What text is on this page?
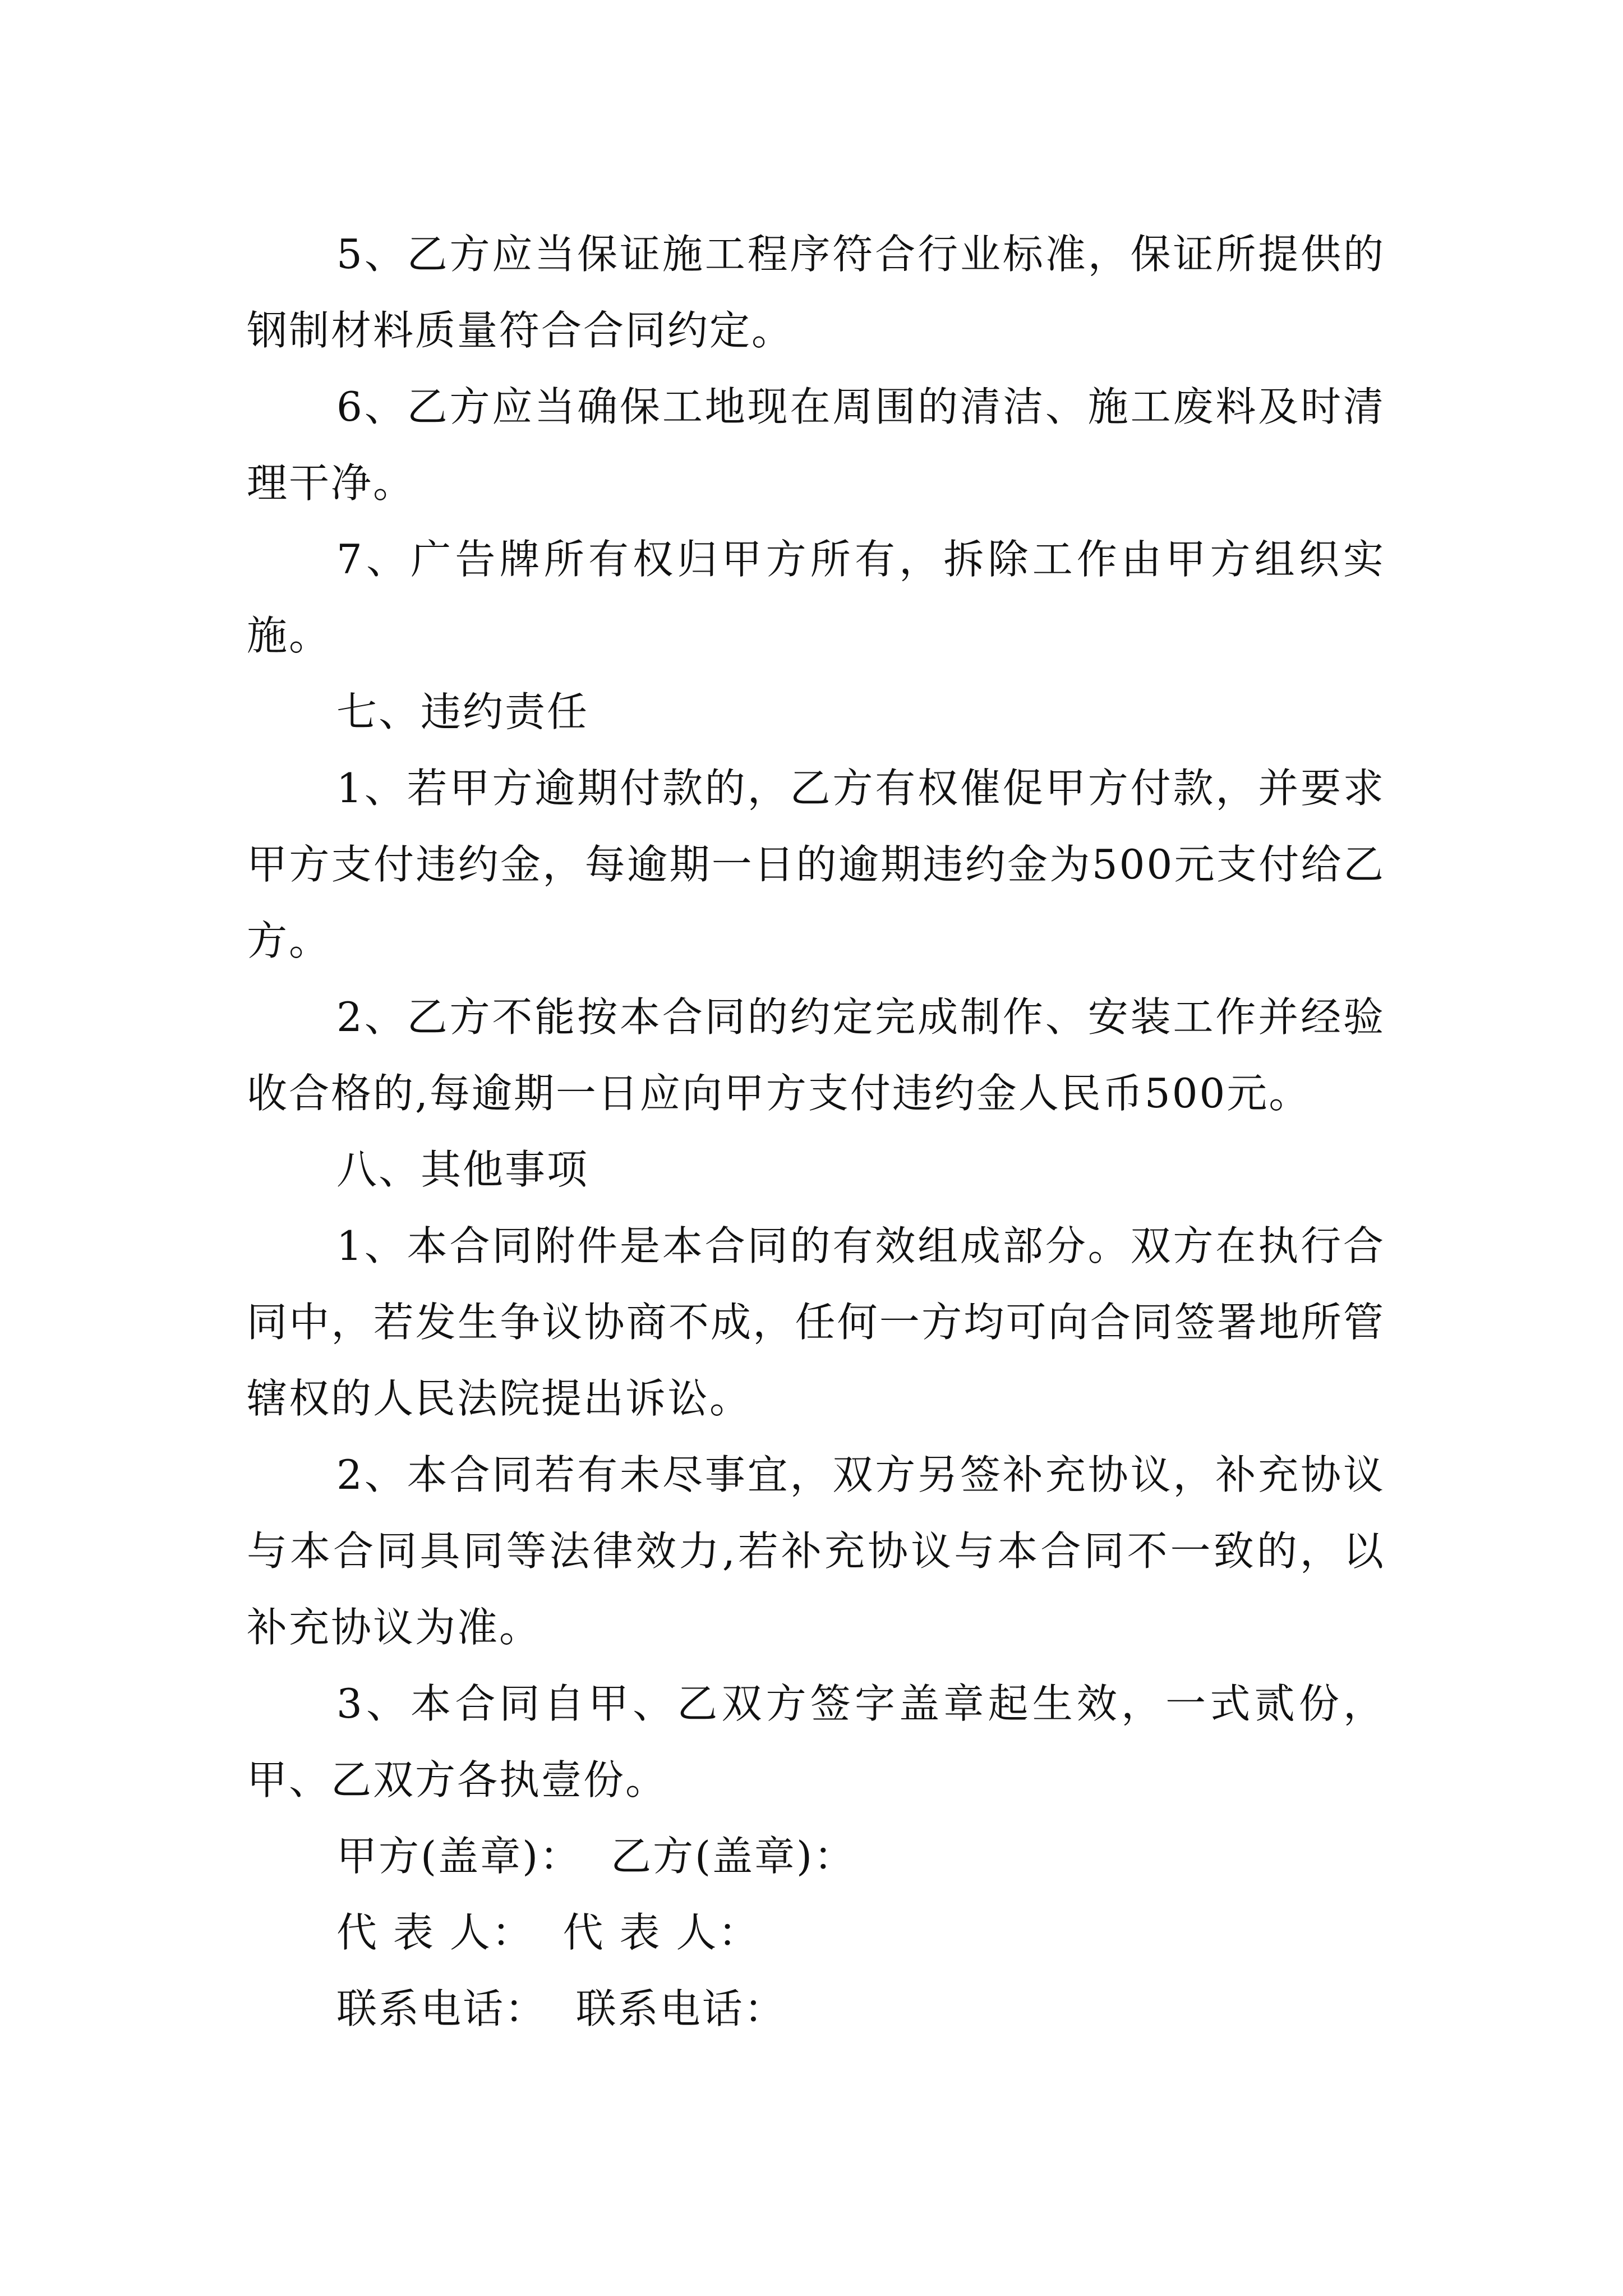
5、乙方应当保证施工程序符合行业标准，保证所提供的钢制材料质量符合合同约定。

6、乙方应当确保工地现在周围的清洁、施工废料及时清理干净。

7、广告牌所有权归甲方所有，拆除工作由甲方组织实施。

七、违约责任

1、若甲方逾期付款的，乙方有权催促甲方付款，并要求甲方支付违约金，每逾期一日的逾期违约金为500元支付给乙方。

2、乙方不能按本合同的约定完成制作、安装工作并经验收合格的,每逾期一日应向甲方支付违约金人民币500元。

八、其他事项

1、本合同附件是本合同的有效组成部分。双方在执行合同中，若发生争议协商不成，任何一方均可向合同签署地所管辖权的人民法院提出诉讼。

2、本合同若有未尽事宜，双方另签补充协议，补充协议与本合同具同等法律效力,若补充协议与本合同不一致的，以补充协议为准。

3、本合同自甲、乙双方签字盖章起生效，一式贰份，甲、乙双方各执壹份。

甲方(盖章)： 乙方(盖章)：

代 表 人： 代 表 人：

联系电话： 联系电话：
